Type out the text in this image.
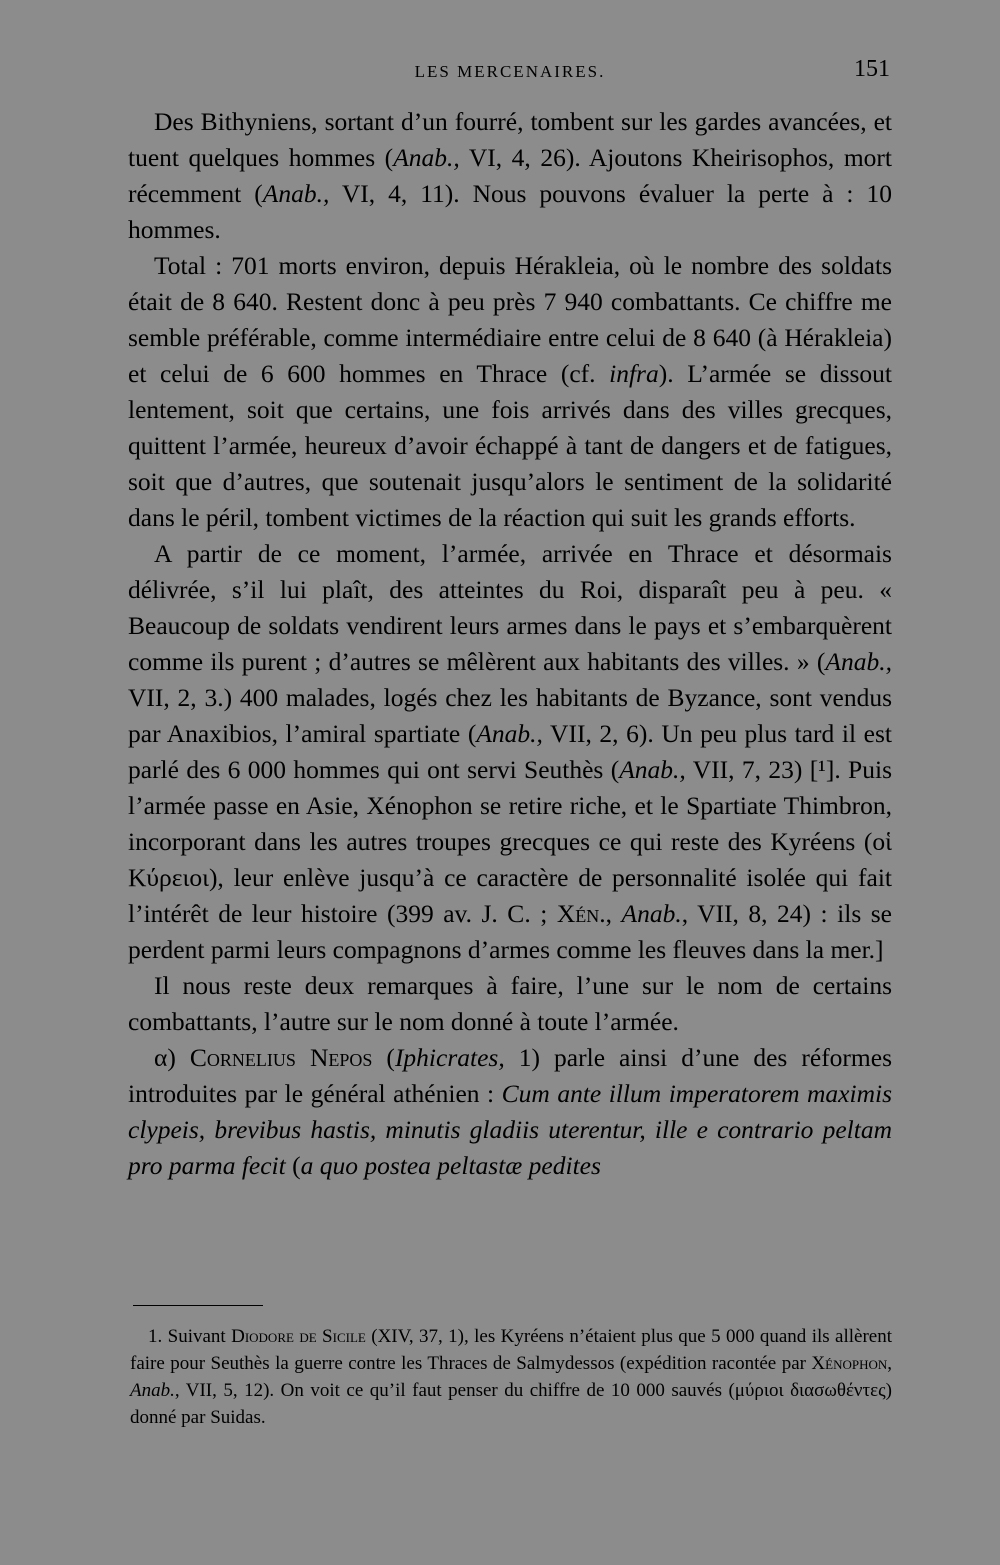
LES MERCENAIRES.	151

Des Bithyniens, sortant d’un fourré, tombent sur les gardes avancées, et tuent quelques hommes (Anab., VI, 4, 26). Ajoutons Kheirisophos, mort récemment (Anab., VI, 4, 11). Nous pouvons évaluer la perte à : 10 hommes.

Total : 701 morts environ, depuis Hérakleia, où le nombre des soldats était de 8 640. Restent donc à peu près 7 940 combattants. Ce chiffre me semble préférable, comme intermédiaire entre celui de 8 640 (à Hérakleia) et celui de 6 600 hommes en Thrace (cf. infra). L’armée se dissout lentement, soit que certains, une fois arrivés dans des villes grecques, quittent l’armée, heureux d’avoir échappé à tant de dangers et de fatigues, soit que d’autres, que soutenait jusqu’alors le sentiment de la solidarité dans le péril, tombent victimes de la réaction qui suit les grands efforts.

A partir de ce moment, l’armée, arrivée en Thrace et désormais délivrée, s’il lui plaît, des atteintes du Roi, disparaît peu à peu. « Beaucoup de soldats vendirent leurs armes dans le pays et s’embarquèrent comme ils purent ; d’autres se mêlèrent aux habitants des villes. » (Anab., VII, 2, 3.) 400 malades, logés chez les habitants de Byzance, sont vendus par Anaxibios, l’amiral spartiate (Anab., VII, 2, 6). Un peu plus tard il est parlé des 6 000 hommes qui ont servi Seuthès (Anab., VII, 7, 23) [¹]. Puis l’armée passe en Asie, Xénophon se retire riche, et le Spartiate Thimbron, incorporant dans les autres troupes grecques ce qui reste des Kyréens (οἱ Κύρειοι), leur enlève jusqu’à ce caractère de personnalité isolée qui fait l’intérêt de leur histoire (399 av. J. C. ; Xén., Anab., VII, 8, 24) : ils se perdent parmi leurs compagnons d’armes comme les fleuves dans la mer.]

Il nous reste deux remarques à faire, l’une sur le nom de certains combattants, l’autre sur le nom donné à toute l’armée.

α) Cornelius Nepos (Iphicrates, 1) parle ainsi d’une des réformes introduites par le général athénien : Cum ante illum imperatorem maximis clypeis, brevibus hastis, minutis gladiis uterentur, ille e contrario peltam pro parma fecit (a quo postea peltastæ pedites

1. Suivant Diodore de Sicile (XIV, 37, 1), les Kyréens n’étaient plus que 5 000 quand ils allèrent faire pour Seuthès la guerre contre les Thraces de Salmydessos (expédition racontée par Xénophon, Anab., VII, 5, 12). On voit ce qu’il faut penser du chiffre de 10 000 sauvés (μύριοι διασωθέντες) donné par Suidas.
